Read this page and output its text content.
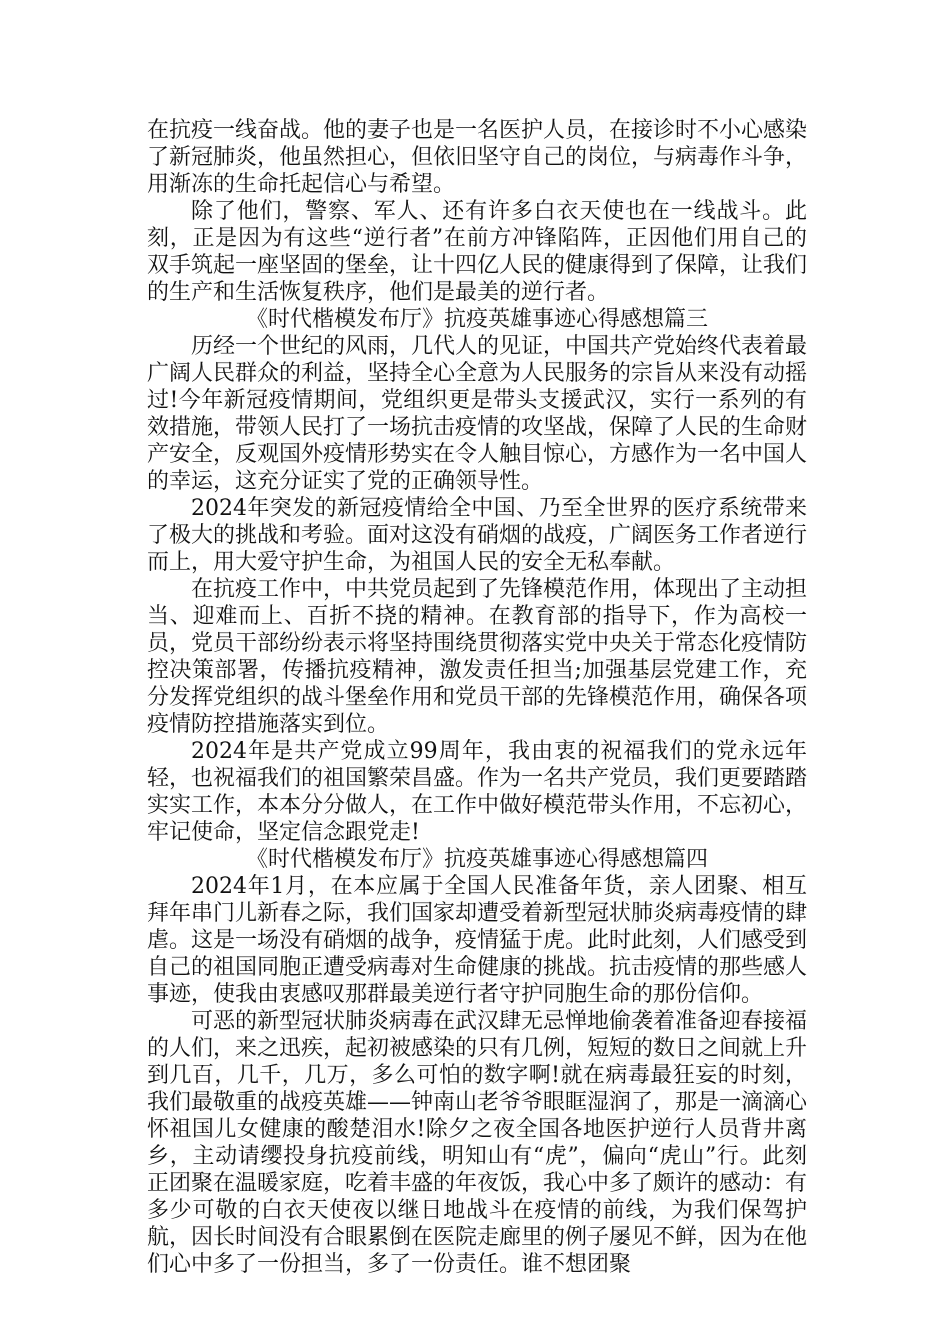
在抗疫一线奋战。他的妻子也是一名医护人员，在接诊时不小心感染了新冠肺炎，他虽然担心，但依旧坚守自己的岗位，与病毒作斗争，用渐冻的生命托起信心与希望。

除了他们，警察、军人、还有许多白衣天使也在一线战斗。此刻，正是因为有这些“逆行者”在前方冲锋陷阵，正因他们用自己的双手筑起一座坚固的堡垒，让十四亿人民的健康得到了保障，让我们的生产和生活恢复秩序，他们是最美的逆行者。

《时代楷模发布厅》抗疫英雄事迹心得感想篇三

历经一个世纪的风雨，几代人的见证，中国共产党始终代表着最广阔人民群众的利益，坚持全心全意为人民服务的宗旨从来没有动摇过!今年新冠疫情期间，党组织更是带头支援武汉，实行一系列的有效措施，带领人民打了一场抗击疫情的攻坚战，保障了人民的生命财产安全，反观国外疫情形势实在令人触目惊心，方感作为一名中国人的幸运，这充分证实了党的正确领导性。

2024年突发的新冠疫情给全中国、乃至全世界的医疗系统带来了极大的挑战和考验。面对这没有硝烟的战疫，广阔医务工作者逆行而上，用大爱守护生命，为祖国人民的安全无私奉献。

在抗疫工作中，中共党员起到了先锋模范作用，体现出了主动担当、迎难而上、百折不挠的精神。在教育部的指导下，作为高校一员，党员干部纷纷表示将坚持围绕贯彻落实党中央关于常态化疫情防控决策部署，传播抗疫精神，激发责任担当;加强基层党建工作，充分发挥党组织的战斗堡垒作用和党员干部的先锋模范作用，确保各项疫情防控措施落实到位。

2024年是共产党成立99周年，我由衷的祝福我们的党永远年轻，也祝福我们的祖国繁荣昌盛。作为一名共产党员，我们更要踏踏实实工作，本本分分做人，在工作中做好模范带头作用，不忘初心，牢记使命，坚定信念跟党走!

《时代楷模发布厅》抗疫英雄事迹心得感想篇四

2024年1月，在本应属于全国人民准备年货，亲人团聚、相互拜年串门儿新春之际，我们国家却遭受着新型冠状肺炎病毒疫情的肆虐。这是一场没有硝烟的战争，疫情猛于虎。此时此刻，人们感受到自己的祖国同胞正遭受病毒对生命健康的挑战。抗击疫情的那些感人事迹，使我由衷感叹那群最美逆行者守护同胞生命的那份信仰。

可恶的新型冠状肺炎病毒在武汉肆无忌惮地偷袭着准备迎春接福的人们，来之迅疾，起初被感染的只有几例，短短的数日之间就上升到几百，几千，几万，多么可怕的数字啊!就在病毒最狂妄的时刻，我们最敬重的战疫英雄——钟南山老爷爷眼眶湿润了，那是一滴滴心怀祖国儿女健康的酸楚泪水!除夕之夜全国各地医护逆行人员背井离乡，主动请缨投身抗疫前线，明知山有“虎”，偏向“虎山”行。此刻正团聚在温暖家庭，吃着丰盛的年夜饭，我心中多了颇许的感动：有多少可敬的白衣天使夜以继日地战斗在疫情的前线，为我们保驾护航，因长时间没有合眼累倒在医院走廊里的例子屡见不鲜，因为在他们心中多了一份担当，多了一份责任。谁不想团聚
